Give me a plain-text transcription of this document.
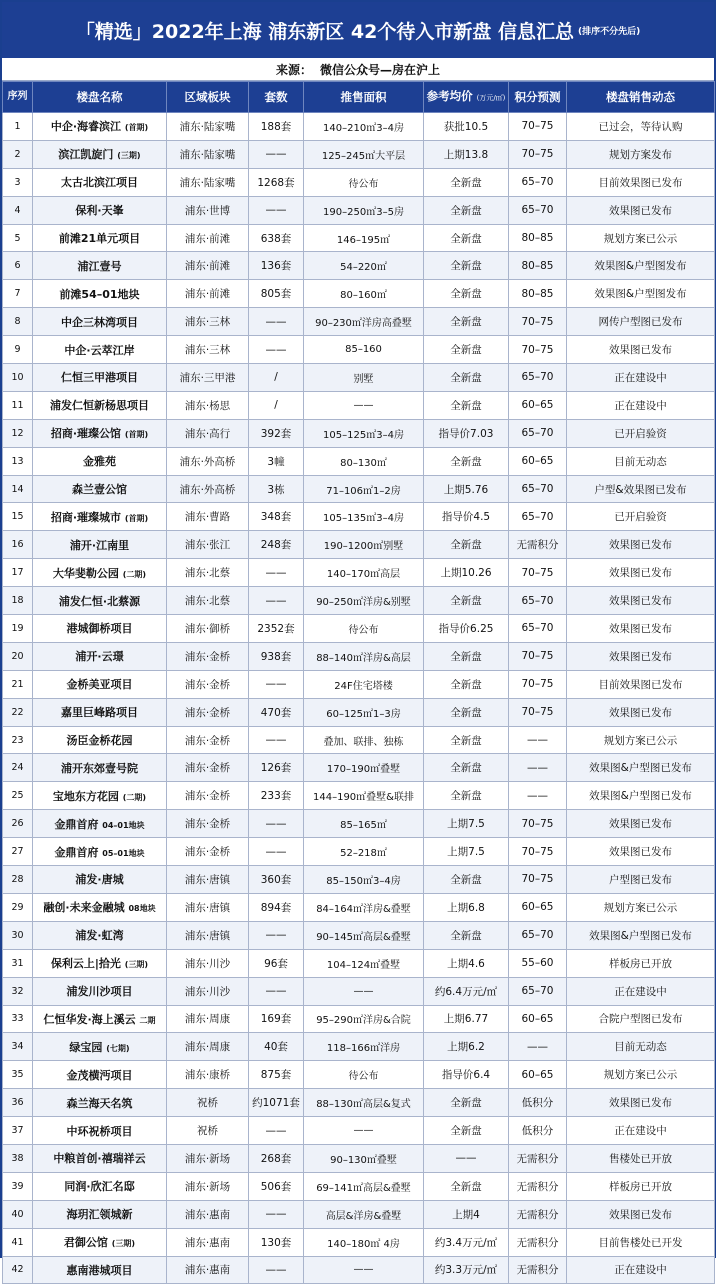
「精选」2022年上海 浦东新区 42个待入市新盘 信息汇总 (排序不分先后)
来源： 微信公众号—房在沪上
序列	楼盘名称	区域板块	套数	推售面积	参考均价 (万元/㎡)	积分预测	楼盘销售动态
1	中企·海睿滨江 (首期)	浦东·陆家嘴	188套	140–210㎡3–4房	获批10.5	70–75	已过会，等待认购
2	滨江凯旋门 (三期)	浦东·陆家嘴	——	125–245㎡大平层	上期13.8	70–75	规划方案发布
3	太古北滨江项目	浦东·陆家嘴	1268套	待公布	全新盘	65–70	目前效果图已发布
4	保利·天峯	浦东·世博	——	190–250㎡3–5房	全新盘	65–70	效果图已发布
5	前滩21单元项目	浦东·前滩	638套	146–195㎡	全新盘	80–85	规划方案已公示
6	浦江壹号	浦东·前滩	136套	54–220㎡	全新盘	80–85	效果图&户型图发布
7	前滩54–01地块	浦东·前滩	805套	80–160㎡	全新盘	80–85	效果图&户型图发布
8	中企三林湾项目	浦东·三林	——	90–230㎡洋房高叠墅	全新盘	70–75	网传户型图已发布
9	中企·云萃江岸	浦东·三林	——	85–160	全新盘	70–75	效果图已发布
10	仁恒三甲港项目	浦东·三甲港	/	别墅	全新盘	65–70	正在建设中
11	浦发仁恒新杨思项目	浦东·杨思	/	——	全新盘	60–65	正在建设中
12	招商·璀璨公馆 (首期)	浦东·高行	392套	105–125㎡3–4房	指导价7.03	65–70	已开启验资
13	金雅苑	浦东·外高桥	3幢	80–130㎡	全新盘	60–65	目前无动态
14	森兰壹公馆	浦东·外高桥	3栋	71–106㎡1–2房	上期5.76	65–70	户型&效果图已发布
15	招商·璀璨城市 (首期)	浦东·曹路	348套	105–135㎡3–4房	指导价4.5	65–70	已开启验资
16	浦开·江南里	浦东·张江	248套	190–1200㎡别墅	全新盘	无需积分	效果图已发布
17	大华斐勒公园 (二期)	浦东·北蔡	——	140–170㎡高层	上期10.26	70–75	效果图已发布
18	浦发仁恒·北蔡源	浦东·北蔡	——	90–250㎡洋房&别墅	全新盘	65–70	效果图已发布
19	港城御桥项目	浦东·御桥	2352套	待公布	指导价6.25	65–70	效果图已发布
20	浦开·云璟	浦东·金桥	938套	88–140㎡洋房&高层	全新盘	70–75	效果图已发布
21	金桥美亚项目	浦东·金桥	——	24F住宅塔楼	全新盘	70–75	目前效果图已发布
22	嘉里巨峰路项目	浦东·金桥	470套	60–125㎡1–3房	全新盘	70–75	效果图已发布
23	汤臣金桥花园	浦东·金桥	——	叠加、联排、独栋	全新盘	——	规划方案已公示
24	浦开东郊壹号院	浦东·金桥	126套	170–190㎡叠墅	全新盘	——	效果图&户型图已发布
25	宝地东方花园 (二期)	浦东·金桥	233套	144–190㎡叠墅&联排	全新盘	——	效果图&户型图已发布
26	金鼎首府 04–01地块	浦东·金桥	——	85–165㎡	上期7.5	70–75	效果图已发布
27	金鼎首府 05–01地块	浦东·金桥	——	52–218㎡	上期7.5	70–75	效果图已发布
28	浦发·唐城	浦东·唐镇	360套	85–150㎡3–4房	全新盘	70–75	户型图已发布
29	融创·未来金融城 08地块	浦东·唐镇	894套	84–164㎡洋房&叠墅	上期6.8	60–65	规划方案已公示
30	浦发·虹湾	浦东·唐镇	——	90–145㎡高层&叠墅	全新盘	65–70	效果图&户型图已发布
31	保利云上|拾光 (三期)	浦东·川沙	96套	104–124㎡叠墅	上期4.6	55–60	样板房已开放
32	浦发川沙项目	浦东·川沙	——	——	约6.4万元/㎡	65–70	正在建设中
33	仁恒华发·海上溪云 二期	浦东·周康	169套	95–290㎡洋房&合院	上期6.77	60–65	合院户型图已发布
34	绿宝园 (七期)	浦东·周康	40套	118–166㎡洋房	上期6.2	——	目前无动态
35	金茂横沔项目	浦东·康桥	875套	待公布	指导价6.4	60–65	规划方案已公示
36	森兰海天名筑	祝桥	约1071套	88–130㎡高层&复式	全新盘	低积分	效果图已发布
37	中环祝桥项目	祝桥	——	——	全新盘	低积分	正在建设中
38	中粮首创·禧瑞祥云	浦东·新场	268套	90–130㎡叠墅	——	无需积分	售楼处已开放
39	同润·欣汇名邸	浦东·新场	506套	69–141㎡高层&叠墅	全新盘	无需积分	样板房已开放
40	海玥汇领城新	浦东·惠南	——	高层&洋房&叠墅	上期4	无需积分	效果图已发布
41	君御公馆 (三期)	浦东·惠南	130套	140–180㎡ 4房	约3.4万元/㎡	无需积分	目前售楼处已开发
42	惠南港城项目	浦东·惠南	——	——	约3.3万元/㎡	无需积分	正在建设中
